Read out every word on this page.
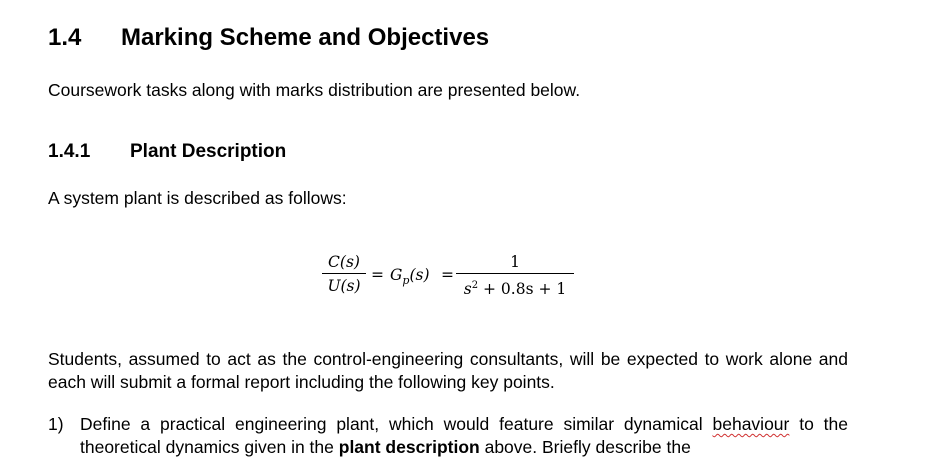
1.4 Marking Scheme and Objectives
Coursework tasks along with marks distribution are presented below.
1.4.1 Plant Description
A system plant is described as follows:
C(s)
U(s)
= $G_p(s)$ =
1
$s^2 + 0.8s + 1$
Students, assumed to act as the control-engineering consultants, will be expected to work alone and each will submit a formal report including the following key points.
1) Define a practical engineering plant, which would feature similar dynamical behaviour to the theoretical dynamics given in the plant description above. Briefly describe the
